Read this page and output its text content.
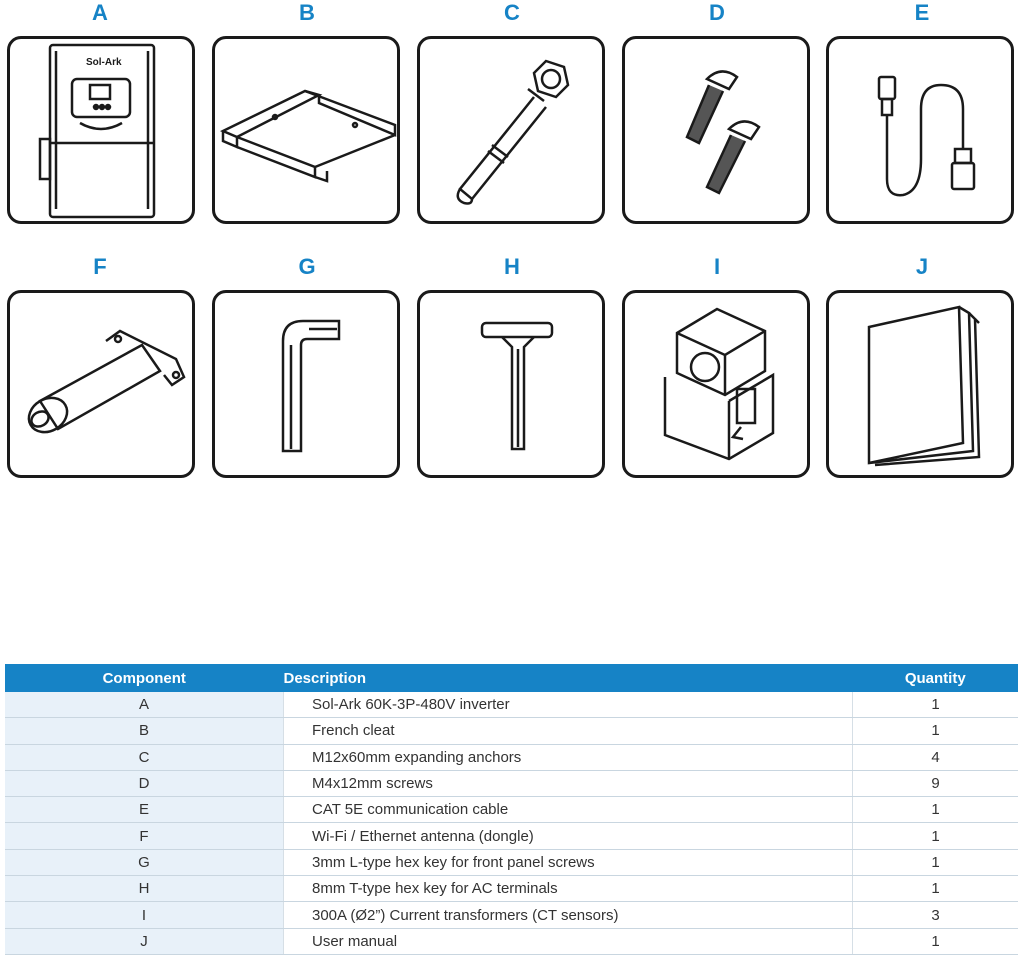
A	B	C	D	E
Sol-Ark
F	G	H	I	J
Component	Description	Quantity
A	Sol-Ark 60K-3P-480V inverter	1
B	French cleat	1
C	M12x60mm expanding anchors	4
D	M4x12mm screws	9
E	CAT 5E communication cable	1
F	Wi-Fi / Ethernet antenna (dongle)	1
G	3mm L-type hex key for front panel screws	1
H	8mm T-type hex key for AC terminals	1
I	300A (Ø2”) Current transformers (CT sensors)	3
J	User manual	1
